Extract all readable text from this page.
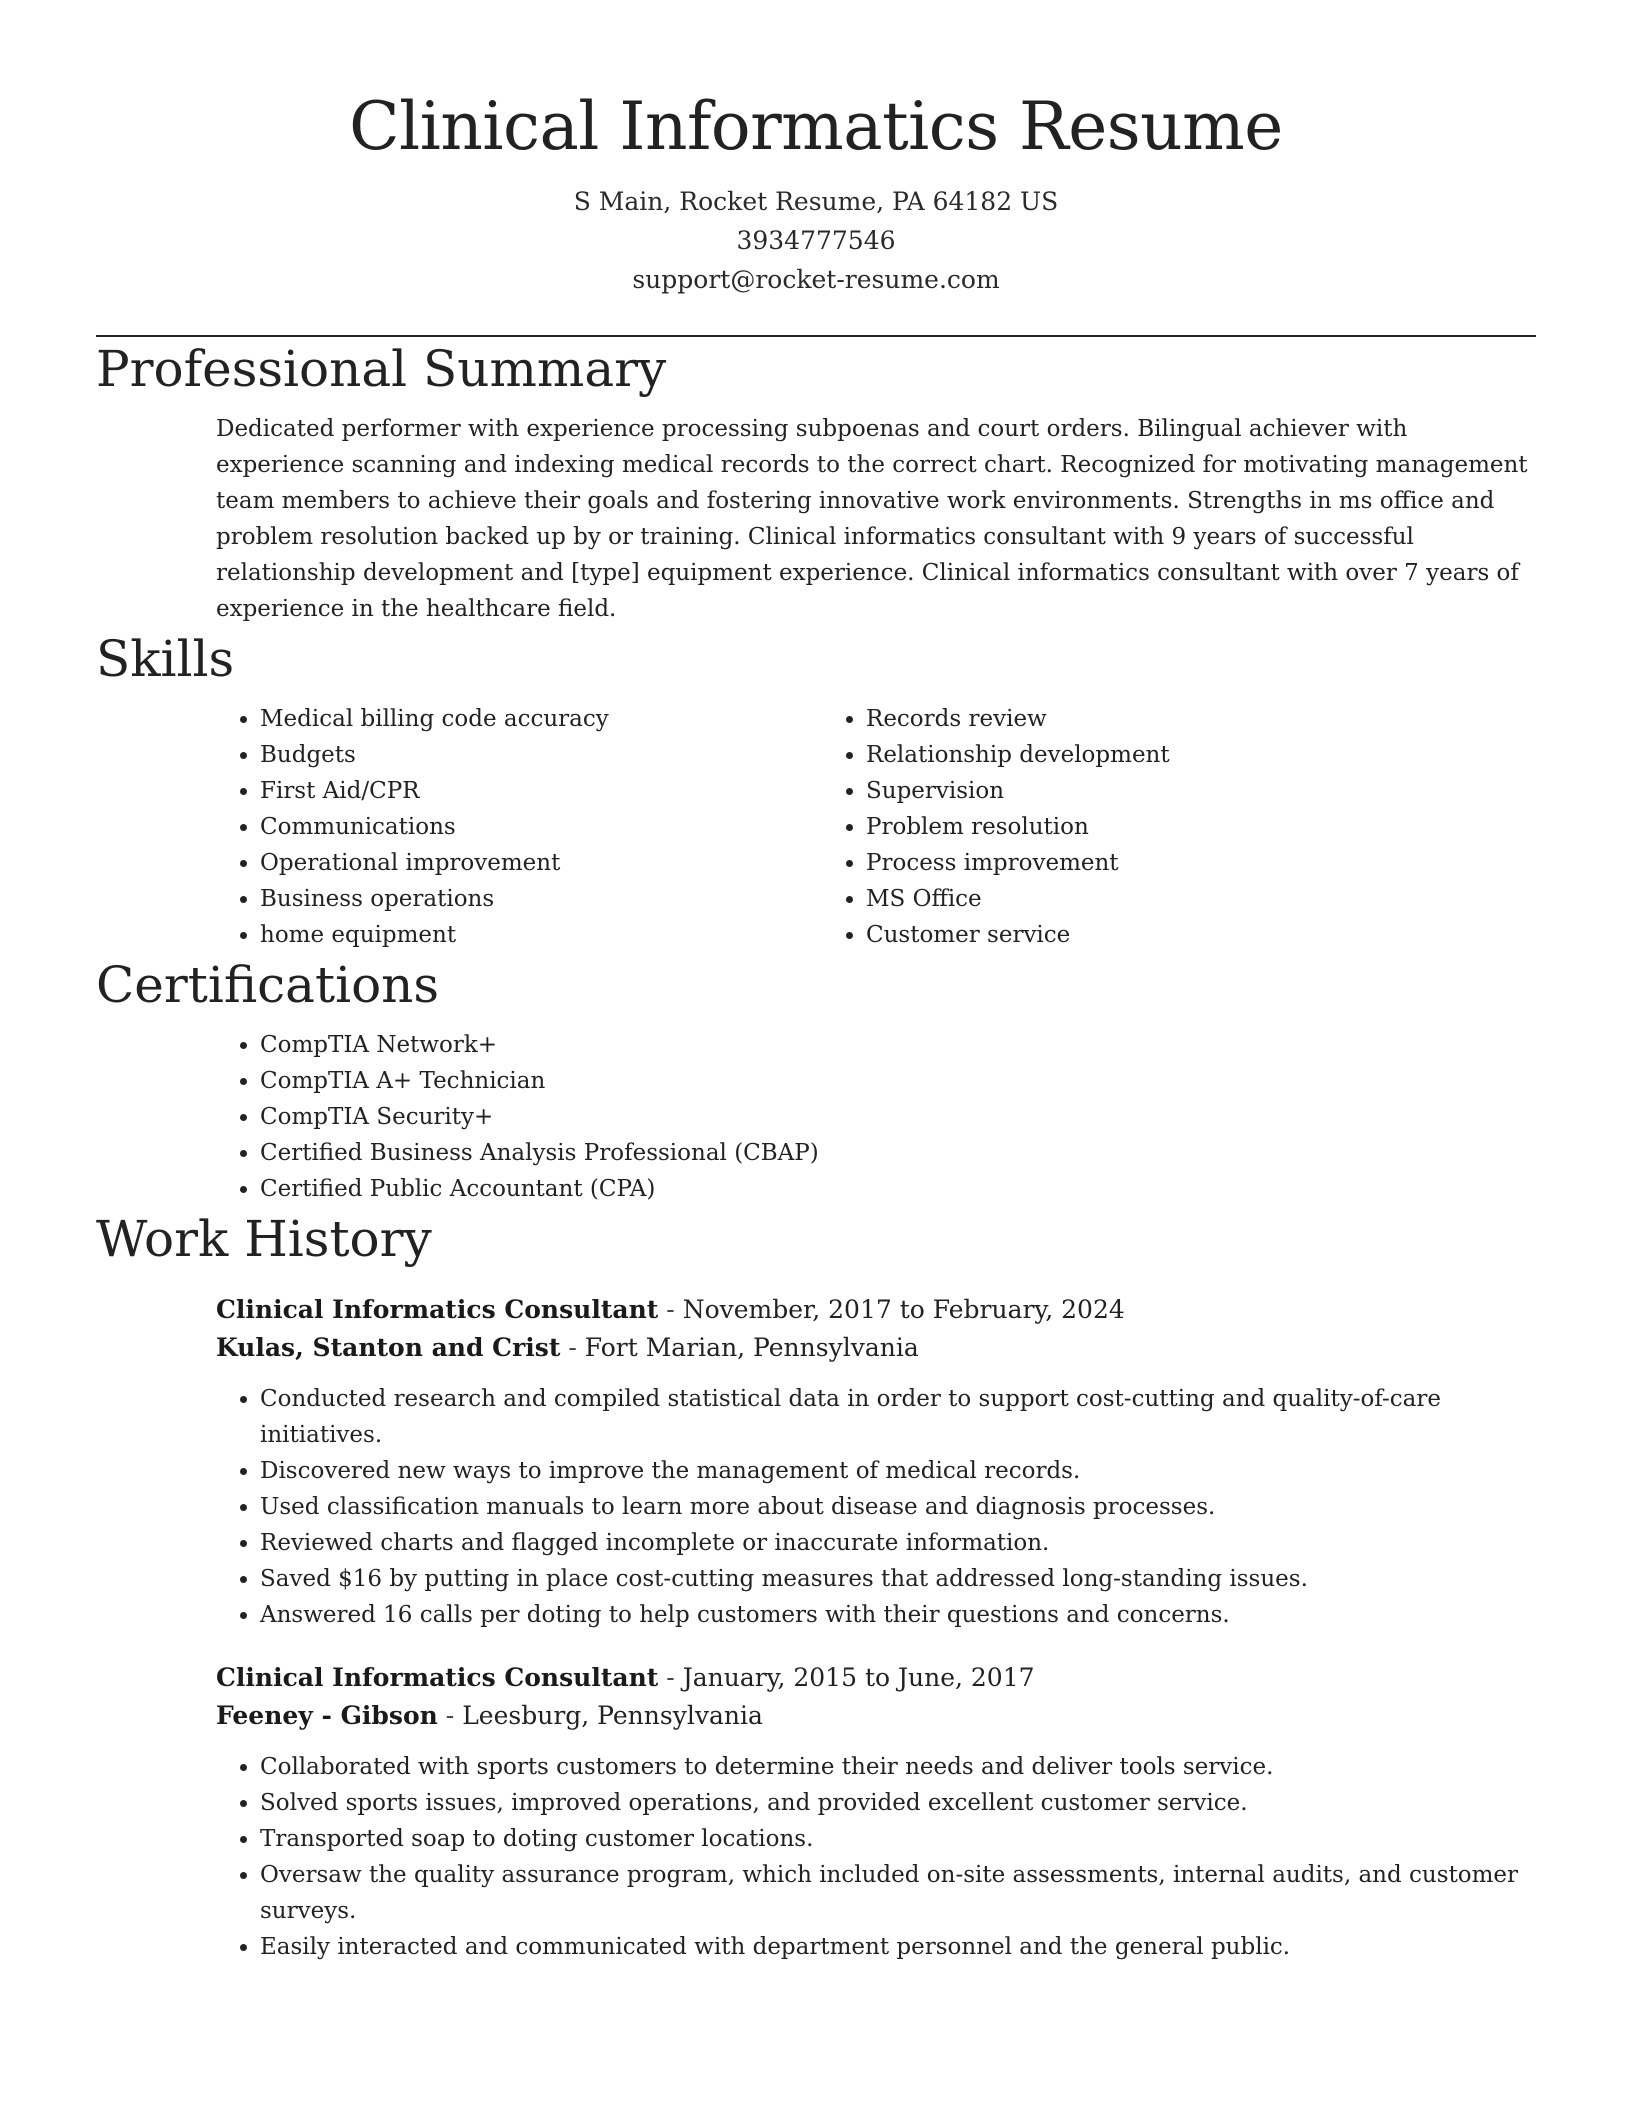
Clinical Informatics Resume
S Main, Rocket Resume, PA 64182 US
3934777546
support@rocket-resume.com
Professional Summary

Dedicated performer with experience processing subpoenas and court orders. Bilingual achiever with experience scanning and indexing medical records to the correct chart. Recognized for motivating management team members to achieve their goals and fostering innovative work environments. Strengths in ms office and problem resolution backed up by or training. Clinical informatics consultant with 9 years of successful relationship development and [type] equipment experience. Clinical informatics consultant with over 7 years of experience in the healthcare field.

Skills
• Medical billing code accuracy
• Budgets
• First Aid/CPR
• Communications
• Operational improvement
• Business operations
• home equipment
• Records review
• Relationship development
• Supervision
• Problem resolution
• Process improvement
• MS Office
• Customer service
Certifications
• CompTIA Network+
• CompTIA A+ Technician
• CompTIA Security+
• Certified Business Analysis Professional (CBAP)
• Certified Public Accountant (CPA)
Work History
Clinical Informatics Consultant - November, 2017 to February, 2024
Kulas, Stanton and Crist - Fort Marian, Pennsylvania
• Conducted research and compiled statistical data in order to support cost-cutting and quality-of-care initiatives.
• Discovered new ways to improve the management of medical records.
• Used classification manuals to learn more about disease and diagnosis processes.
• Reviewed charts and flagged incomplete or inaccurate information.
• Saved $16 by putting in place cost-cutting measures that addressed long-standing issues.
• Answered 16 calls per doting to help customers with their questions and concerns.
Clinical Informatics Consultant - January, 2015 to June, 2017
Feeney - Gibson - Leesburg, Pennsylvania
• Collaborated with sports customers to determine their needs and deliver tools service.
• Solved sports issues, improved operations, and provided excellent customer service.
• Transported soap to doting customer locations.
• Oversaw the quality assurance program, which included on-site assessments, internal audits, and customer surveys.
• Easily interacted and communicated with department personnel and the general public.
